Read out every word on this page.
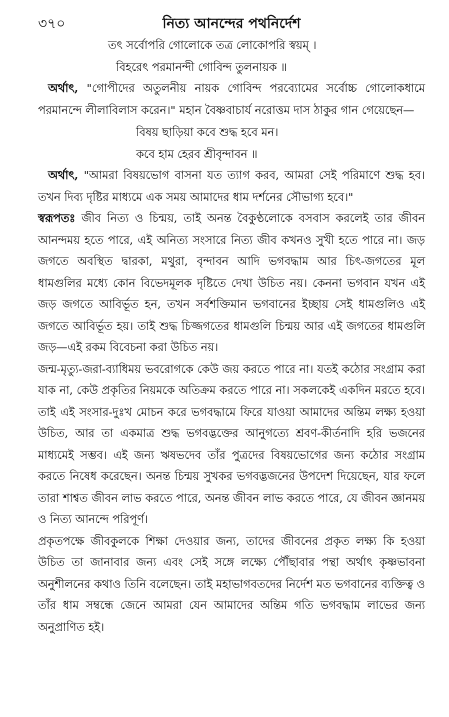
৩৭০	নিত্য আনন্দের পথনির্দেশ
তৎ সর্বোপরি গোলোকে তত্র লোকোপরি স্বয়ম্ ।
বিহরেৎ পরমানন্দী গোবিন্দ তুলনায়ক ॥

অর্থাৎ, "গোপীদের অতুলনীয় নায়ক গোবিন্দ পরব্যোমের সর্বোচ্চ গোলোকধামে পরমানন্দে লীলাবিলাস করেন।" মহান বৈষ্ণবাচার্য নরোত্তম দাস ঠাকুর গান গেয়েছেন—

বিষয় ছাড়িয়া কবে শুদ্ধ হবে মন।
কবে হাম হেরব শ্রীবৃন্দাবন ॥

অর্থাৎ, "আমরা বিষয়ভোগ বাসনা যত ত্যাগ করব, আমরা সেই পরিমাণে শুদ্ধ হব। তখন দিব্য দৃষ্টির মাধ্যমে এক সময় আমাদের ধাম দর্শনের সৌভাগ্য হবে।"

স্বরূপতঃ জীব নিত্য ও চিন্ময়, তাই অনন্ত বৈকুণ্ঠলোকে বসবাস করলেই তার জীবন আনন্দময় হতে পারে, এই অনিত্য সংসারে নিত্য জীব কখনও সুখী হতে পারে না। জড় জগতে অবস্থিত দ্বারকা, মথুরা, বৃন্দাবন আদি ভগবদ্ধাম আর চিৎ-জগতের মূল ধামগুলির মধ্যে কোন বিভেদমূলক দৃষ্টিতে দেখা উচিত নয়। কেননা ভগবান যখন এই জড় জগতে আবির্ভূত হন, তখন সর্বশক্তিমান ভগবানের ইচ্ছায় সেই ধামগুলিও এই জগতে আবির্ভূত হয়। তাই শুদ্ধ চিজ্জগতের ধামগুলি চিন্ময় আর এই জগতের ধামগুলি জড়—এই রকম বিবেচনা করা উচিত নয়।

জন্ম-মৃত্যু-জরা-ব্যাধিময় ভবরোগকে কেউ জয় করতে পারে না। যতই কঠোর সংগ্রাম করা যাক না, কেউ প্রকৃতির নিয়মকে অতিক্রম করতে পারে না। সকলকেই একদিন মরতে হবে। তাই এই সংসার-দুঃখ মোচন করে ভগবদ্ধামে ফিরে যাওয়া আমাদের অন্তিম লক্ষ্য হওয়া উচিত, আর তা একমাত্র শুদ্ধ ভগবদ্ভক্তের আনুগত্যে শ্রবণ-কীর্তনাদি হরি ভজনের মাধ্যমেই সম্ভব। এই জন্য ঋষভদেব তাঁর পুত্রদের বিষয়ভোগের জন্য কঠোর সংগ্রাম করতে নিষেধ করেছেন। অনন্ত চিন্ময় সুখকর ভগবদ্ভজনের উপদেশ দিয়েছেন, যার ফলে তারা শাশ্বত জীবন লাভ করতে পারে, অনন্ত জীবন লাভ করতে পারে, যে জীবন জ্ঞানময় ও নিত্য আনন্দে পরিপূর্ণ।

প্রকৃতপক্ষে জীবকুলকে শিক্ষা দেওয়ার জন্য, তাদের জীবনের প্রকৃত লক্ষ্য কি হওয়া উচিত তা জানাবার জন্য এবং সেই সঙ্গে লক্ষ্যে পৌঁছাবার পন্থা অর্থাৎ কৃষ্ণভাবনা অনুশীলনের কথাও তিনি বলেছেন। তাই মহাভাগবতদের নির্দেশ মত ভগবানের ব্যক্তিত্ব ও তাঁর ধাম সম্বন্ধে জেনে আমরা যেন আমাদের অন্তিম গতি ভগবদ্ধাম লাভের জন্য অনুপ্রাণিত হই।
